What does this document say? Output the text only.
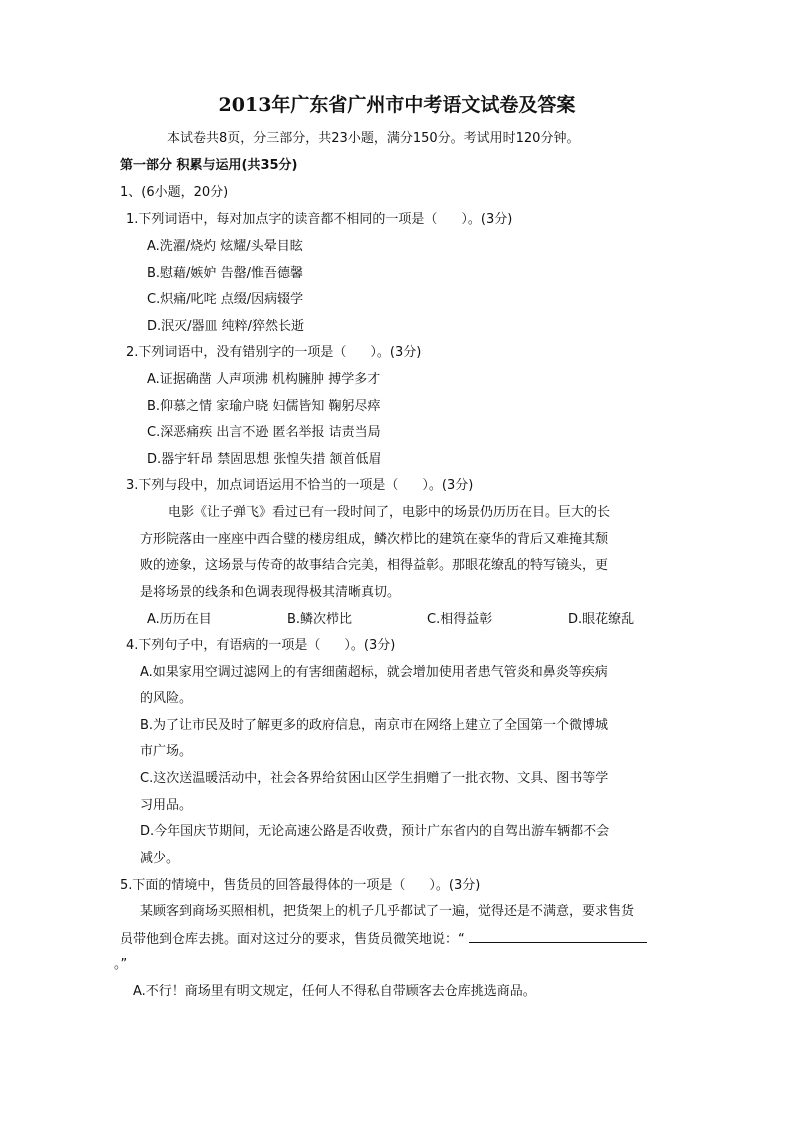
2013年广东省广州市中考语文试卷及答案
本试卷共8页，分三部分，共23小题，满分150分。考试用时120分钟。
第一部分 积累与运用(共35分)
1、(6小题，20分)
1.下列词语中，每对加点字的读音都不相同的一项是（ ）。(3分)
A.洗濯/烧灼 炫耀/头晕目眩
B.慰藉/嫉妒 告罄/惟吾德馨
C.炽痛/叱咤 点缀/因病辍学
D.泯灭/器皿 纯粹/猝然长逝
2.下列词语中，没有错别字的一项是（ ）。(3分)
A.证据确凿 人声项沸 机构臃肿 搏学多才
B.仰慕之情 家瑜户晓 妇儒皆知 鞠躬尽瘁
C.深恶痛疾 出言不逊 匿名举报 诘责当局
D.器宇轩昂 禁固思想 张惶失措 颔首低眉
3.下列与段中，加点词语运用不恰当的一项是（ ）。(3分)
电影《让子弹飞》看过已有一段时间了，电影中的场景仍历历在目。巨大的长
方形院落由一座座中西合璧的楼房组成，鳞次栉比的建筑在豪华的背后又难掩其颓
败的迹象，这场景与传奇的故事结合完美，相得益彰。那眼花缭乱的特写镜头，更
是将场景的线条和色调表现得极其清晰真切。
A.历历在目	B.鳞次栉比	C.相得益彰	D.眼花缭乱
4.下列句子中，有语病的一项是（ ）。(3分)
A.如果家用空调过滤网上的有害细菌超标，就会增加使用者患气管炎和鼻炎等疾病
的风险。
B.为了让市民及时了解更多的政府信息，南京市在网络上建立了全国第一个微博城
市广场。
C.这次送温暖活动中，社会各界给贫困山区学生捐赠了一批衣物、文具、图书等学
习用品。
D.今年国庆节期间，无论高速公路是否收费，预计广东省内的自驾出游车辆都不会
减少。
5.下面的情境中，售货员的回答最得体的一项是（ ）。(3分)
某顾客到商场买照相机，把货架上的机子几乎都试了一遍，觉得还是不满意，要求售货
员带他到仓库去挑。面对这过分的要求，售货员微笑地说：“
。”
A.不行！商场里有明文规定，任何人不得私自带顾客去仓库挑选商品。
